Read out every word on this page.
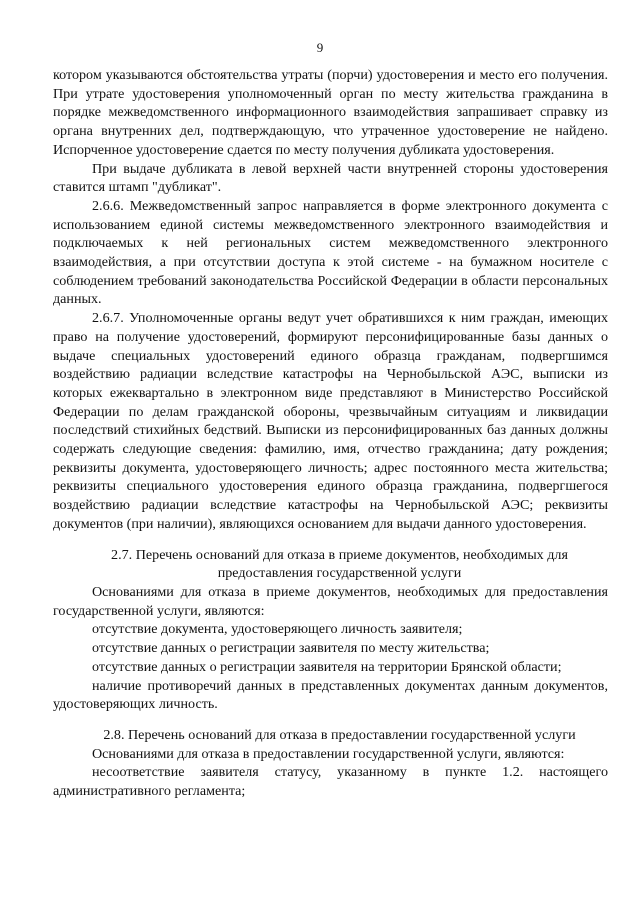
9

котором указываются обстоятельства утраты (порчи) удостоверения и место его получения. При утрате удостоверения уполномоченный орган по месту жительства гражданина в порядке межведомственного информационного взаимодействия запрашивает справку из органа внутренних дел, подтверждающую, что утраченное удостоверение не найдено. Испорченное удостоверение сдается по месту получения дубликата удостоверения.

При выдаче дубликата в левой верхней части внутренней стороны удостоверения ставится штамп "дубликат".

2.6.6. Межведомственный запрос направляется в форме электронного документа с использованием единой системы межведомственного электронного взаимодействия и подключаемых к ней региональных систем межведомственного электронного взаимодействия, а при отсутствии доступа к этой системе - на бумажном носителе с соблюдением требований законодательства Российской Федерации в области персональных данных.

2.6.7. Уполномоченные органы ведут учет обратившихся к ним граждан, имеющих право на получение удостоверений, формируют персонифицированные базы данных о выдаче специальных удостоверений единого образца гражданам, подвергшимся воздействию радиации вследствие катастрофы на Чернобыльской АЭС, выписки из которых ежеквартально в электронном виде представляют в Министерство Российской Федерации по делам гражданской обороны, чрезвычайным ситуациям и ликвидации последствий стихийных бедствий. Выписки из персонифицированных баз данных должны содержать следующие сведения: фамилию, имя, отчество гражданина; дату рождения; реквизиты документа, удостоверяющего личность; адрес постоянного места жительства; реквизиты специального удостоверения единого образца гражданина, подвергшегося воздействию радиации вследствие катастрофы на Чернобыльской АЭС; реквизиты документов (при наличии), являющихся основанием для выдачи данного удостоверения.

2.7. Перечень оснований для отказа в приеме документов, необходимых для предоставления государственной услуги

Основаниями для отказа в приеме документов, необходимых для предоставления государственной услуги, являются:

отсутствие документа, удостоверяющего личность заявителя;

отсутствие данных о регистрации заявителя по месту жительства;

отсутствие данных о регистрации заявителя на территории Брянской области;

наличие противоречий данных в представленных документах данным документов, удостоверяющих личность.

2.8. Перечень оснований для отказа в предоставлении государственной услуги

Основаниями для отказа в предоставлении государственной услуги, являются:

несоответствие заявителя статусу, указанному в пункте 1.2. настоящего административного регламента;
